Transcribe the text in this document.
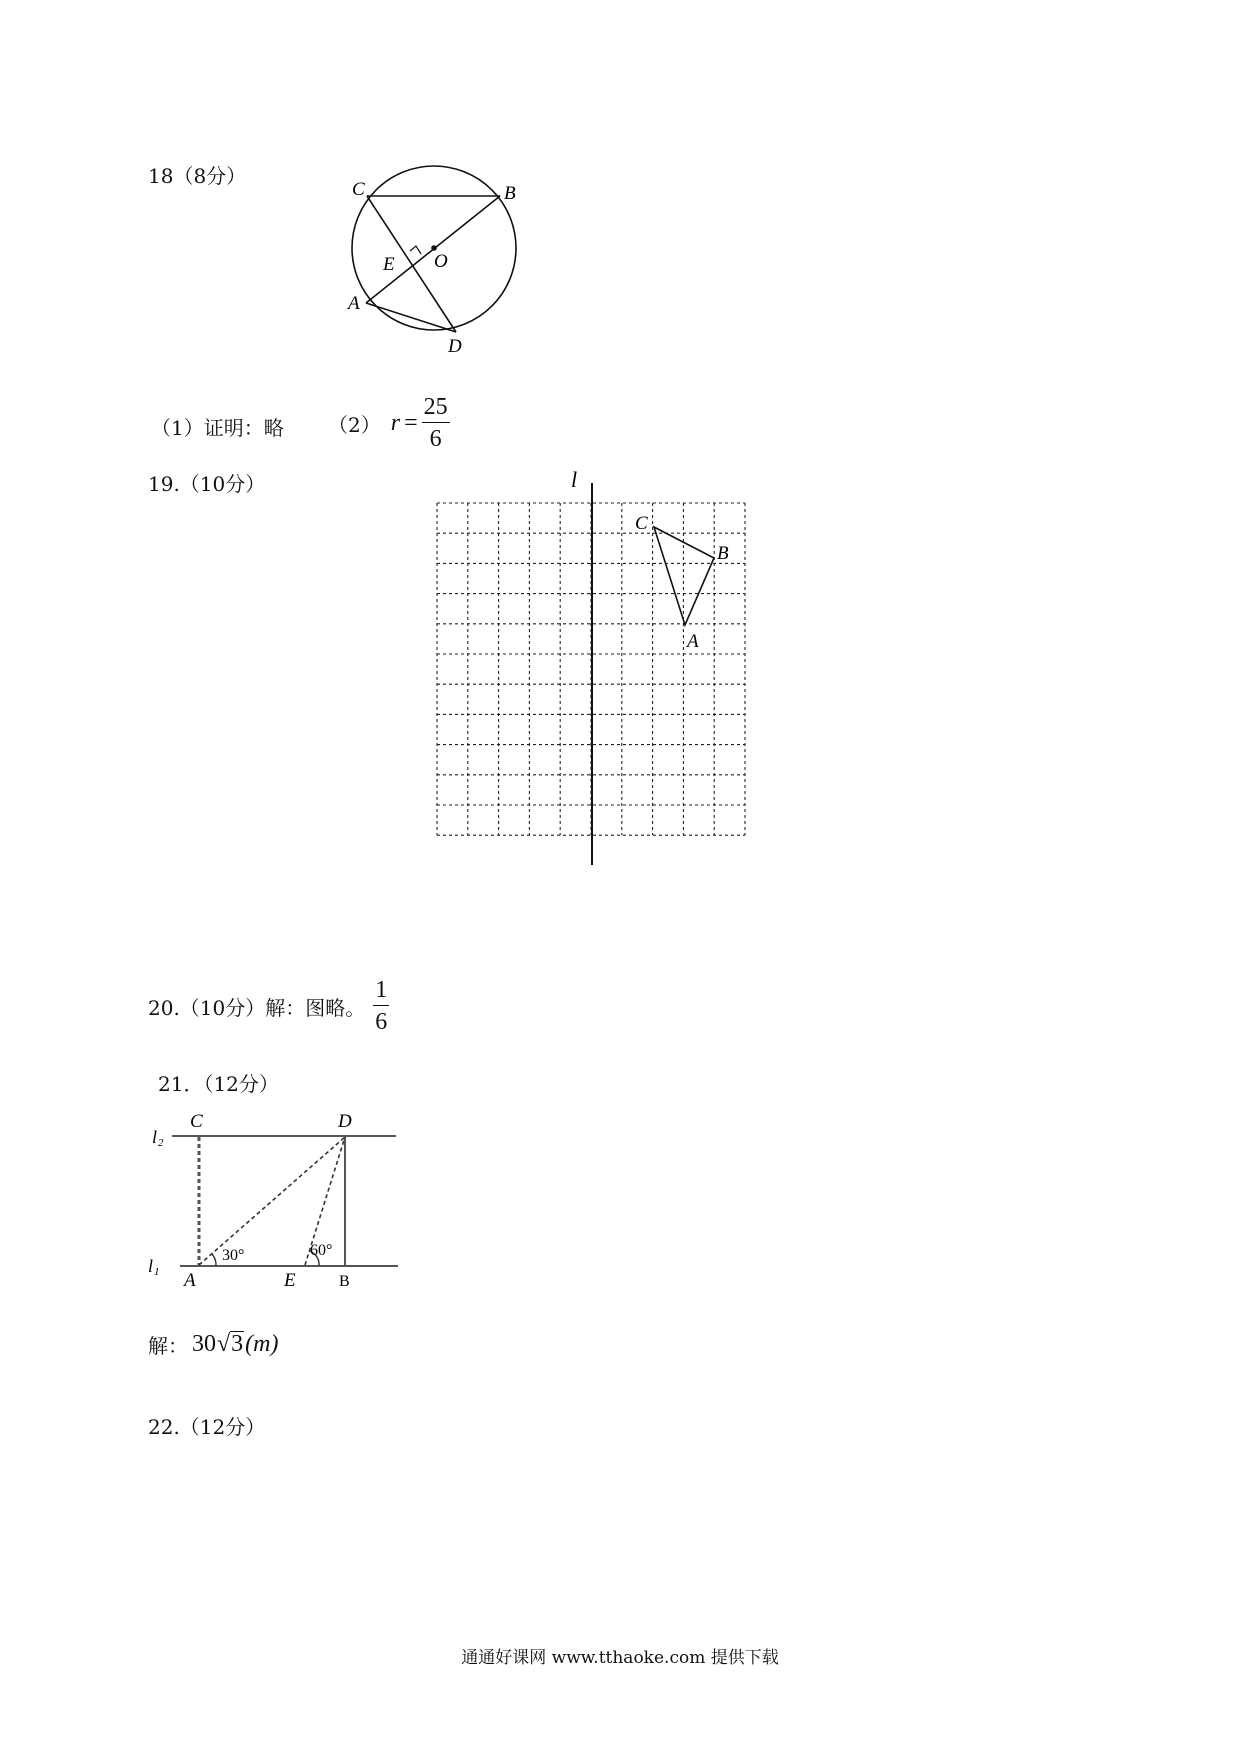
18（8分）
C	B
E O
A
D
（1）证明：略 （2） $r = \frac{25}{6}$
19.（10分）	l
C
B
A
20.（10分）解：图略。 $\frac{1}{6}$
21．（12分）
C	D
l 2
l 1
30°	60°
A	E	B
解： 30 √ 3 (m)
22.（12分）
通通好课网 www.tthaoke.com 提供下载
